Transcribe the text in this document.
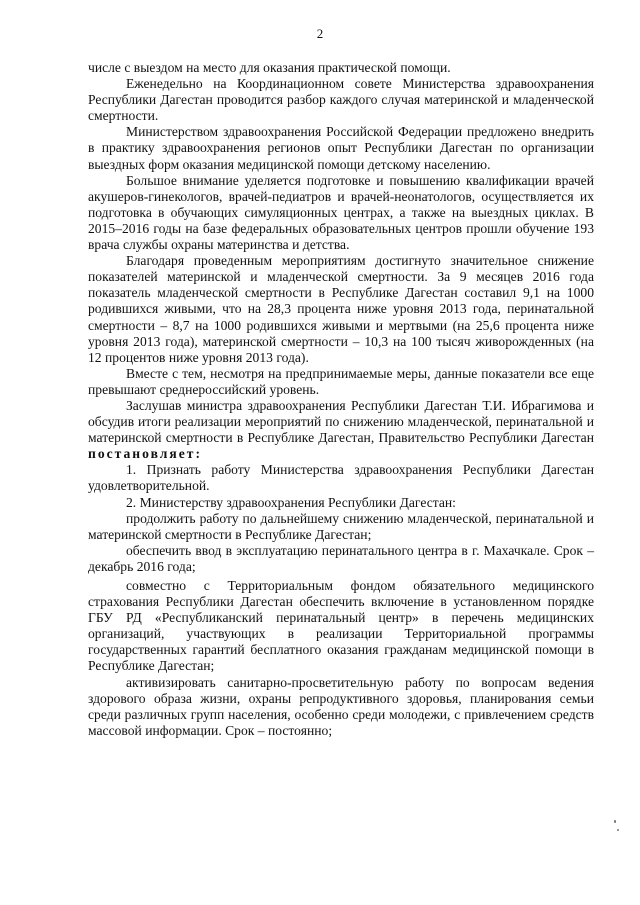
2

числе с выездом на место для оказания практической помощи.

Еженедельно на Координационном совете Министерства здравоохранения Республики Дагестан проводится разбор каждого случая материнской и младенческой смертности.

Министерством здравоохранения Российской Федерации предложено внедрить в практику здравоохранения регионов опыт Республики Дагестан по организации выездных форм оказания медицинской помощи детскому населению.

Большое внимание уделяется подготовке и повышению квалификации врачей акушеров-гинекологов, врачей-педиатров и врачей-неонатологов, осуществляется их подготовка в обучающих симуляционных центрах, а также на выездных циклах. В 2015–2016 годы на базе федеральных образовательных центров прошли обучение 193 врача службы охраны материнства и детства.

Благодаря проведенным мероприятиям достигнуто значительное снижение показателей материнской и младенческой смертности. За 9 месяцев 2016 года показатель младенческой смертности в Республике Дагестан составил 9,1 на 1000 родившихся живыми, что на 28,3 процента ниже уровня 2013 года, перинатальной смертности – 8,7 на 1000 родившихся живыми и мертвыми (на 25,6 процента ниже уровня 2013 года), материнской смертности – 10,3 на 100 тысяч живорожденных (на 12 процентов ниже уровня 2013 года).

Вместе с тем, несмотря на предпринимаемые меры, данные показатели все еще превышают среднероссийский уровень.

Заслушав министра здравоохранения Республики Дагестан Т.И. Ибрагимова и обсудив итоги реализации мероприятий по снижению младенческой, перинатальной и материнской смертности в Республике Дагестан, Правительство Республики Дагестан постановляет:

1. Признать работу Министерства здравоохранения Республики Дагестан удовлетворительной.

2. Министерству здравоохранения Республики Дагестан:

продолжить работу по дальнейшему снижению младенческой, перинатальной и материнской смертности в Республике Дагестан;

обеспечить ввод в эксплуатацию перинатального центра в г. Махачкале. Срок – декабрь 2016 года;

совместно с Территориальным фондом обязательного медицинского страхования Республики Дагестан обеспечить включение в установленном порядке ГБУ РД «Республиканский перинатальный центр» в перечень медицинских организаций, участвующих в реализации Территориальной программы государственных гарантий бесплатного оказания гражданам медицинской помощи в Республике Дагестан;

активизировать санитарно-просветительную работу по вопросам ведения здорового образа жизни, охраны репродуктивного здоровья, планирования семьи среди различных групп населения, особенно среди молодежи, с привлечением средств массовой информации. Срок – постоянно;
